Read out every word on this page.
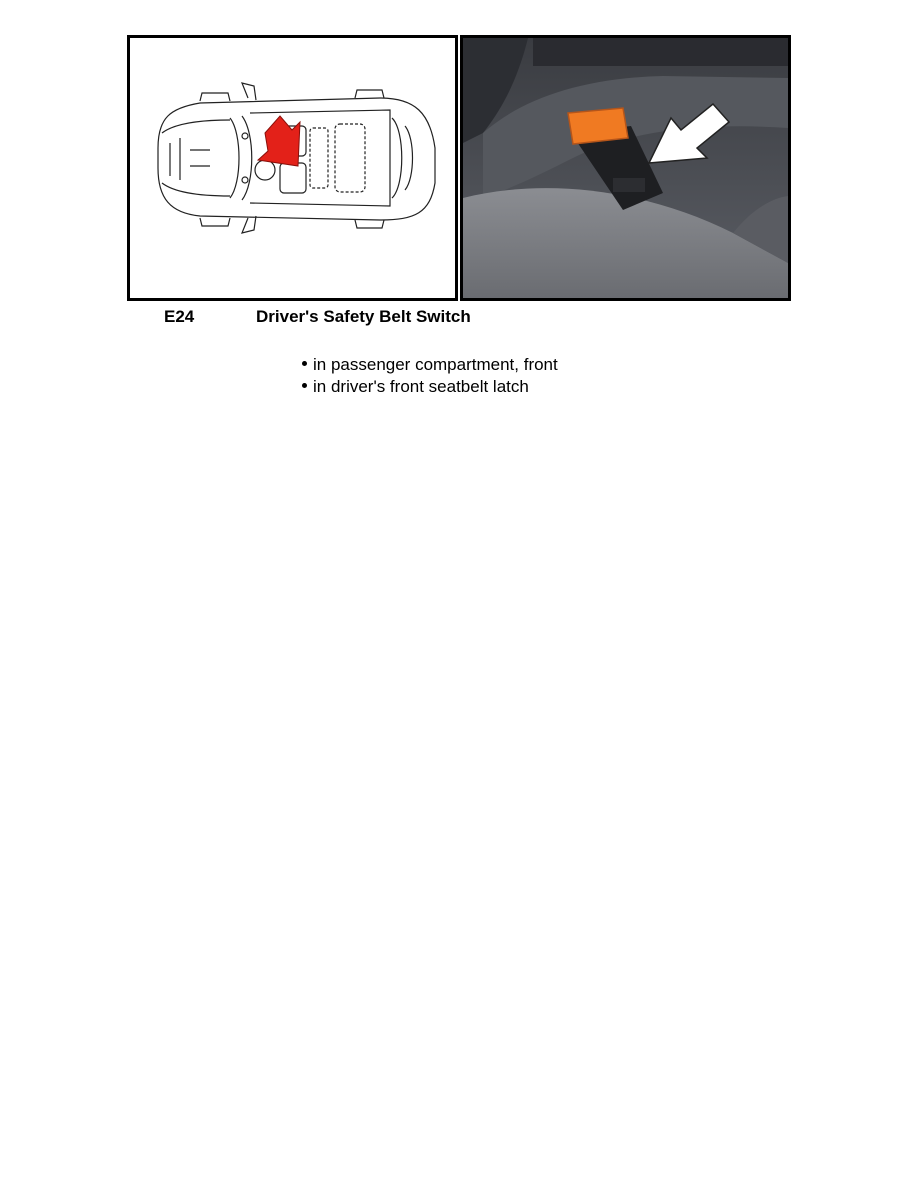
E24	Driver's Safety Belt Switch
in passenger compartment, front
in driver's front seatbelt latch
